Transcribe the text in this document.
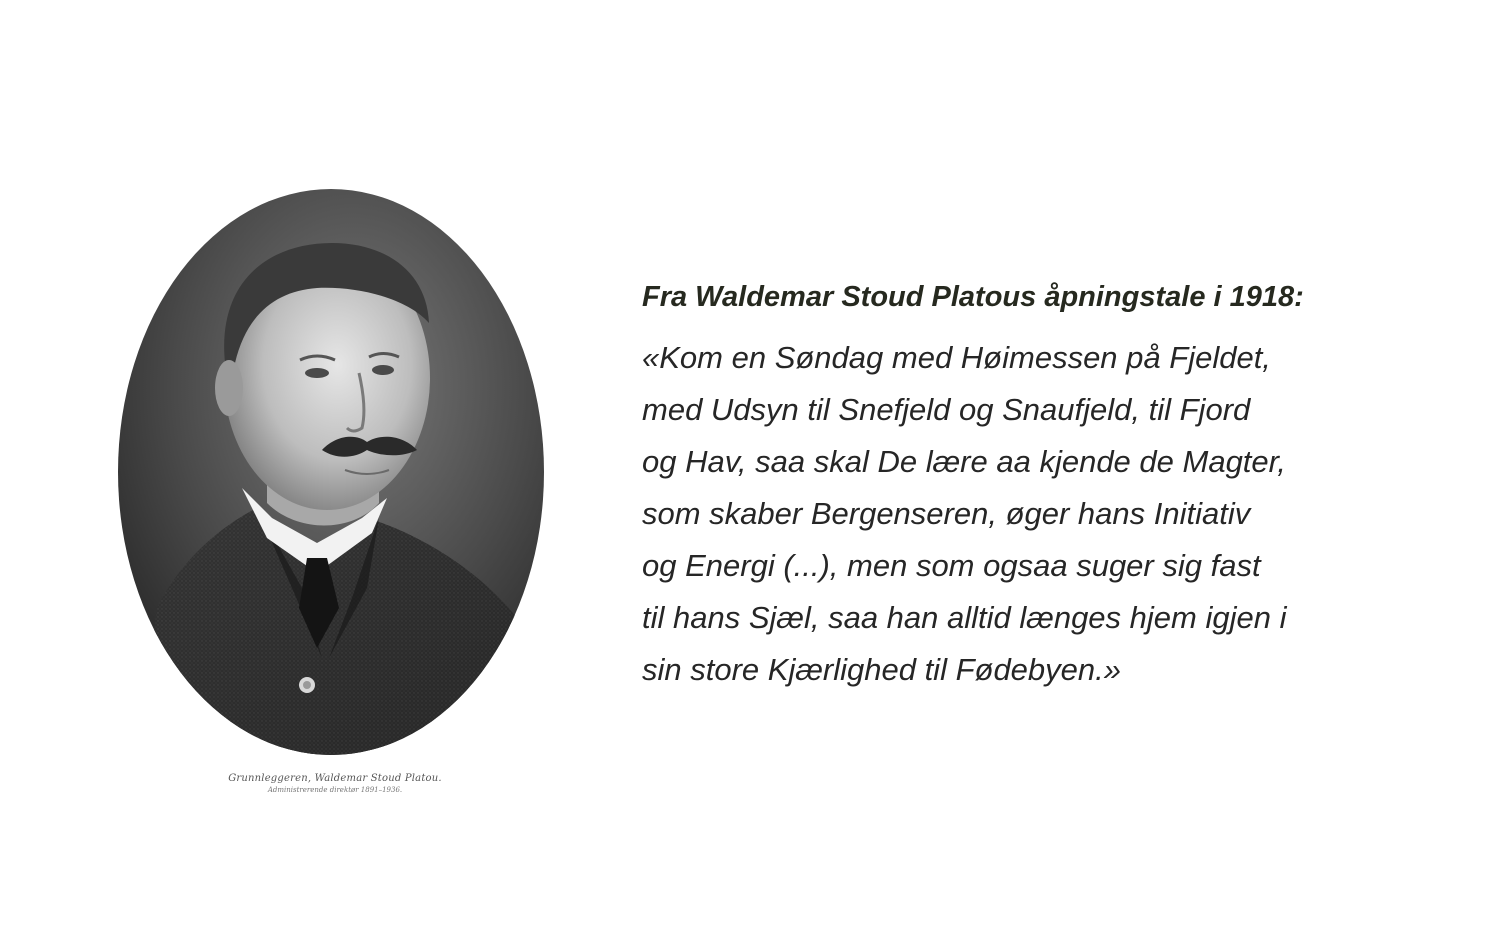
Grunnleggeren, Waldemar Stoud Platou.
Administrerende direktør 1891–1936.
Fra Waldemar Stoud Platous åpningstale i 1918:
«Kom en Søndag med Høimessen på Fjeldet,
med Udsyn til Snefjeld og Snaufjeld, til Fjord
og Hav, saa skal De lære aa kjende de Magter,
som skaber Bergenseren, øger hans Initiativ
og Energi (...), men som ogsaa suger sig fast
til hans Sjæl, saa han alltid længes hjem igjen i
sin store Kjærlighed til Fødebyen.»
